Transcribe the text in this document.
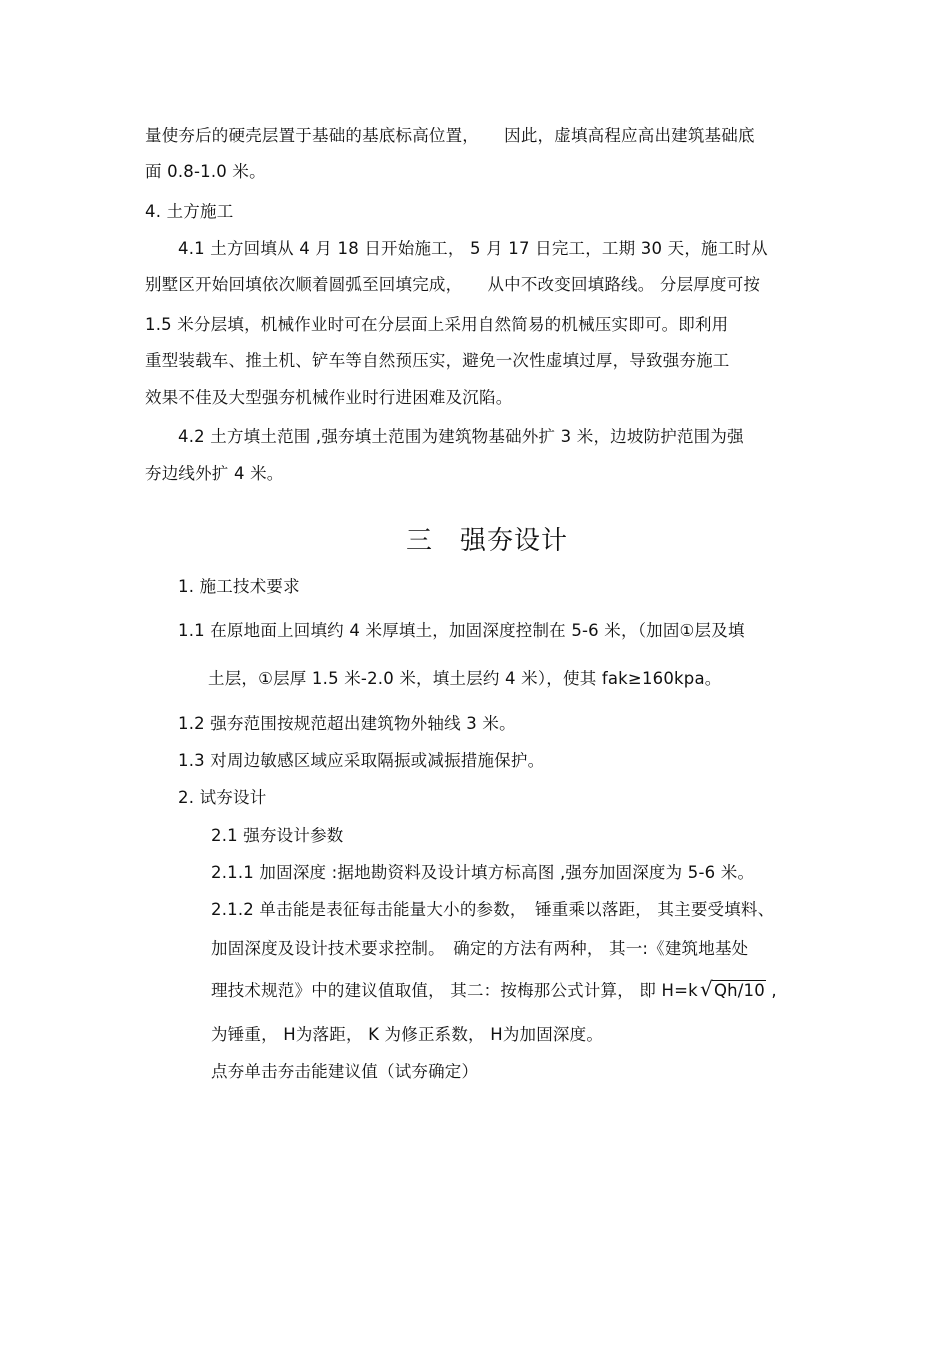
量使夯后的硬壳层置于基础的基底标高位置，　　因此，虚填高程应高出建筑基础底
面 0.8-1.0 米。
4. 土方施工
4.1 土方回填从 4 月 18 日开始施工， 5 月 17 日完工，工期 30 天，施工时从
别墅区开始回填依次顺着圆弧至回填完成，　　从中不改变回填路线。 分层厚度可按
1.5 米分层填，机械作业时可在分层面上采用自然简易的机械压实即可。即利用
重型装载车、推土机、铲车等自然预压实，避免一次性虚填过厚，导致强夯施工
效果不佳及大型强夯机械作业时行进困难及沉陷。
4.2 土方填土范围 ,强夯填土范围为建筑物基础外扩 3 米，边坡防护范围为强
夯边线外扩 4 米。
三　强夯设计
1. 施工技术要求
1.1 在原地面上回填约 4 米厚填土，加固深度控制在 5-6 米，（加固①层及填
土层，①层厚 1.5 米-2.0 米，填土层约 4 米），使其 fak≥160kpa。
1.2 强夯范围按规范超出建筑物外轴线 3 米。
1.3 对周边敏感区域应采取隔振或减振措施保护。
2. 试夯设计
2.1 强夯设计参数
2.1.1 加固深度 :据地勘资料及设计填方标高图 ,强夯加固深度为 5-6 米。
2.1.2 单击能是表征每击能量大小的参数，　锤重乘以落距， 其主要受填料、
加固深度及设计技术要求控制。　确定的方法有两种， 其一:《建筑地基处
理技术规范》中的建议值取值， 其二：按梅那公式计算， 即 H=k √ Qh/10 ,
为锤重， H为落距， K 为修正系数， H为加固深度。
点夯单击夯击能建议值（试夯确定）
